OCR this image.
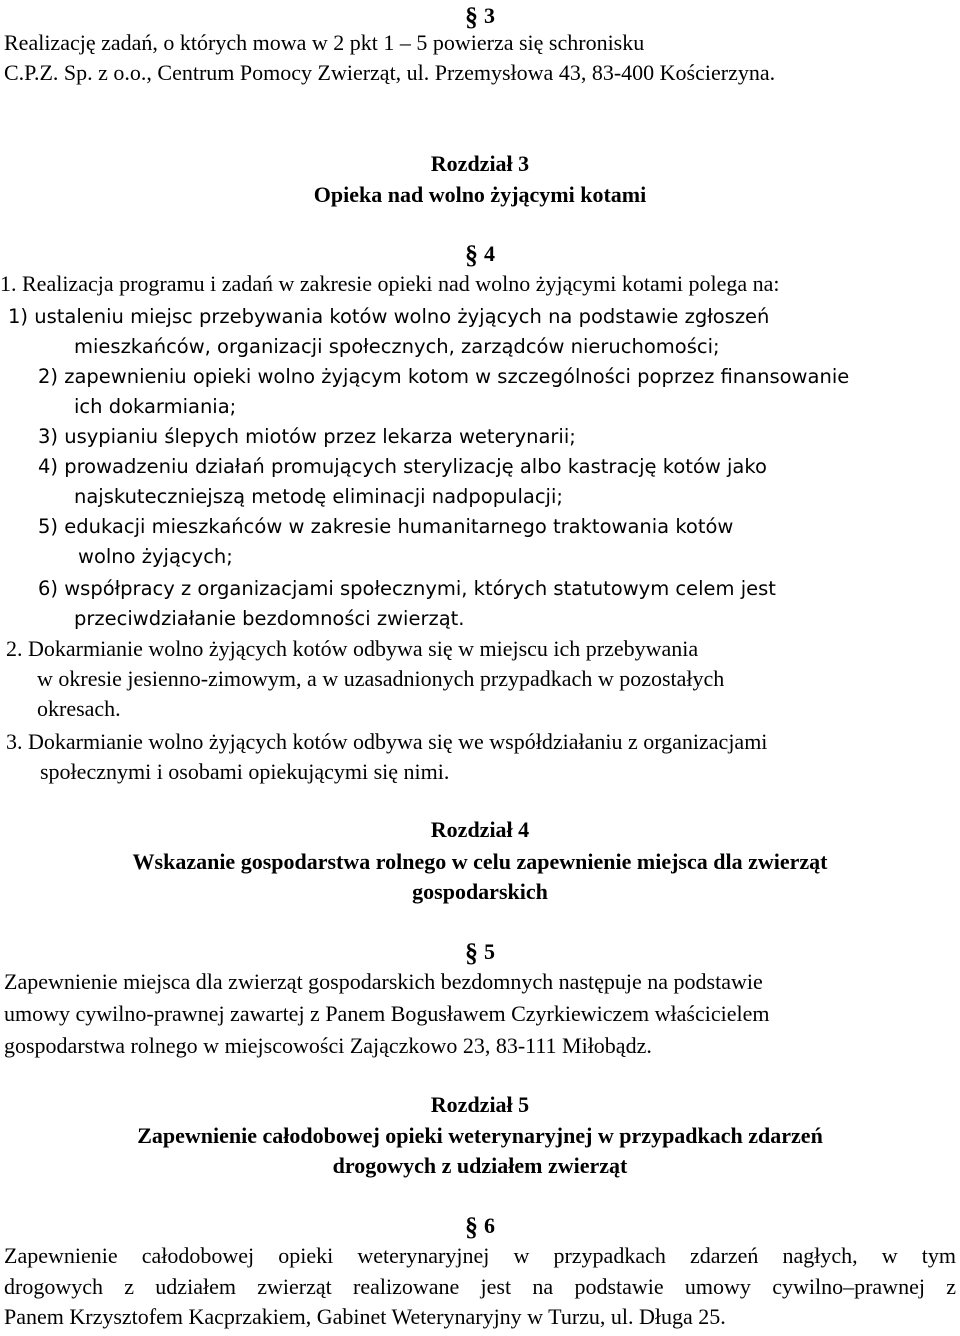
§ 3
Realizację zadań, o których mowa w 2 pkt 1 – 5 powierza się schronisku
C.P.Z. Sp. z o.o., Centrum Pomocy Zwierząt, ul. Przemysłowa 43, 83-400 Kościerzyna.
Rozdział 3
Opieka nad wolno żyjącymi kotami
§ 4
1. Realizacja programu i zadań w zakresie opieki nad wolno żyjącymi kotami polega na:
1) ustaleniu miejsc przebywania kotów wolno żyjących na podstawie zgłoszeń
mieszkańców, organizacji społecznych, zarządców nieruchomości;
2) zapewnieniu opieki wolno żyjącym kotom w szczególności poprzez finansowanie
ich dokarmiania;
3) usypianiu ślepych miotów przez lekarza weterynarii;
4) prowadzeniu działań promujących sterylizację albo kastrację kotów jako
najskuteczniejszą metodę eliminacji nadpopulacji;
5) edukacji mieszkańców w zakresie humanitarnego traktowania kotów
wolno żyjących;
6) współpracy z organizacjami społecznymi, których statutowym celem jest
przeciwdziałanie bezdomności zwierząt.
2. Dokarmianie wolno żyjących kotów odbywa się w miejscu ich przebywania
w okresie jesienno-zimowym, a w uzasadnionych przypadkach w pozostałych
okresach.
3. Dokarmianie wolno żyjących kotów odbywa się we współdziałaniu z organizacjami
społecznymi i osobami opiekującymi się nimi.
Rozdział 4
Wskazanie gospodarstwa rolnego w celu zapewnienie miejsca dla zwierząt
gospodarskich
§ 5
Zapewnienie miejsca dla zwierząt gospodarskich bezdomnych następuje na podstawie
umowy cywilno-prawnej zawartej z Panem Bogusławem Czyrkiewiczem właścicielem
gospodarstwa rolnego w miejscowości Zajączkowo 23, 83-111 Miłobądz.
Rozdział 5
Zapewnienie całodobowej opieki weterynaryjnej w przypadkach zdarzeń
drogowych z udziałem zwierząt
§ 6
Zapewnienie całodobowej opieki weterynaryjnej w przypadkach zdarzeń nagłych, w tym
drogowych z udziałem zwierząt realizowane jest na podstawie umowy cywilno–prawnej z
Panem Krzysztofem Kacprzakiem, Gabinet Weterynaryjny w Turzu, ul. Długa 25.
